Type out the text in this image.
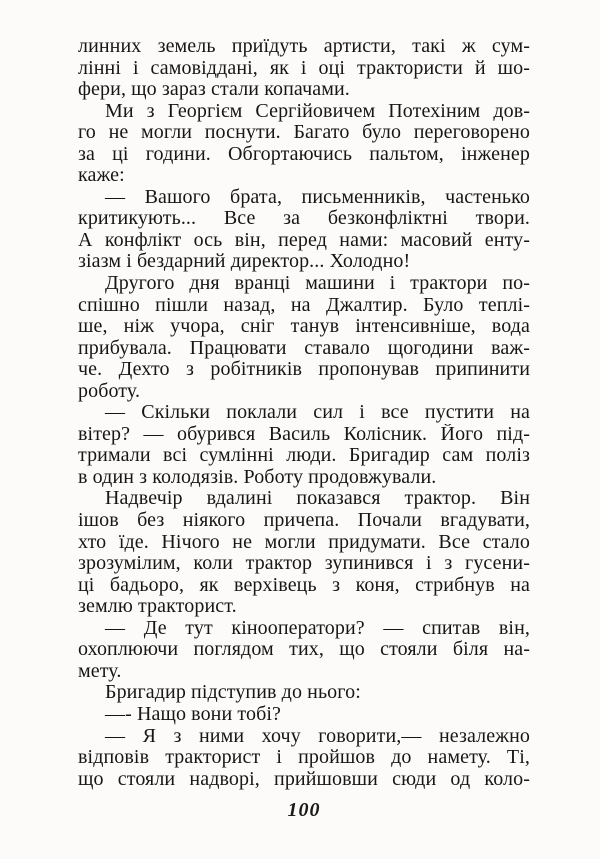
линних земель приїдуть артисти, такі ж сум-
лінні і самовіддані, як і оці трактористи й шо-
фери, що зараз стали копачами.
Ми з Георгієм Сергійовичем Потехіним дов-
го не могли поснути. Багато було переговорено
за ці години. Обгортаючись пальтом, інженер
каже:
— Вашого брата, письменників, частенько
критикують... Все за безконфліктні твори.
А конфлікт ось він, перед нами: масовий енту-
зіазм і бездарний директор... Холодно!
Другого дня вранці машини і трактори по-
спішно пішли назад, на Джалтир. Було теплі-
ше, ніж учора, сніг танув інтенсивніше, вода
прибувала. Працювати ставало щогодини важ-
че. Дехто з робітників пропонував припинити
роботу.
— Скільки поклали сил і все пустити на
вітер? — обурився Василь Колісник. Його під-
тримали всі сумлінні люди. Бригадир сам поліз
в один з колодязів. Роботу продовжували.
Надвечір вдалині показався трактор. Він
ішов без ніякого причепа. Почали вгадувати,
хто їде. Нічого не могли придумати. Все стало
зрозумілим, коли трактор зупинився і з гусени-
ці бадьоро, як верхівець з коня, стрибнув на
землю тракторист.
— Де тут кінооператори? — спитав він,
охоплюючи поглядом тих, що стояли біля на-
мету.
Бригадир підступив до нього:
—- Нащо вони тобі?
— Я з ними хочу говорити,— незалежно
відповів тракторист і пройшов до намету. Ті,
що стояли надворі, прийшовши сюди од коло-
100
